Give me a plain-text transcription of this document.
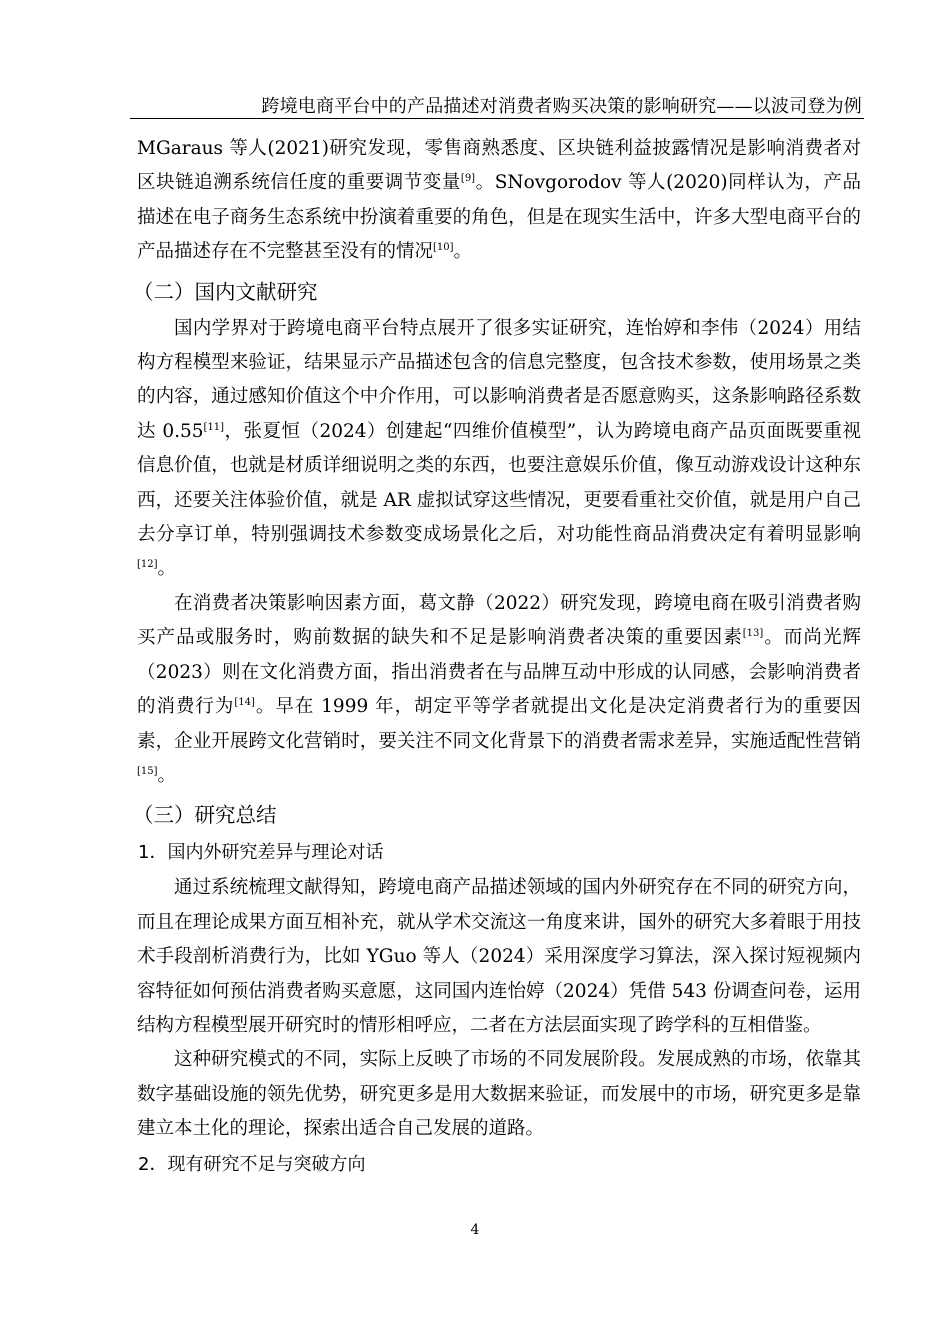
跨境电商平台中的产品描述对消费者购买决策的影响研究——以波司登为例

MGaraus 等人(2021)研究发现，零售商熟悉度、区块链利益披露情况是影响消费者对区块链追溯系统信任度的重要调节变量[9]。SNovgorodov 等人(2020)同样认为，产品描述在电子商务生态系统中扮演着重要的角色，但是在现实生活中，许多大型电商平台的产品描述存在不完整甚至没有的情况[10]。

（二）国内文献研究

国内学界对于跨境电商平台特点展开了很多实证研究，连怡婷和李伟（2024）用结构方程模型来验证，结果显示产品描述包含的信息完整度，包含技术参数，使用场景之类的内容，通过感知价值这个中介作用，可以影响消费者是否愿意购买，这条影响路径系数达 0.55[11]，张夏恒（2024）创建起“四维价值模型”，认为跨境电商产品页面既要重视信息价值，也就是材质详细说明之类的东西，也要注意娱乐价值，像互动游戏设计这种东西，还要关注体验价值，就是 AR 虚拟试穿这些情况，更要看重社交价值，就是用户自己去分享订单，特别强调技术参数变成场景化之后，对功能性商品消费决定有着明显影响[12]。

在消费者决策影响因素方面，葛文静（2022）研究发现，跨境电商在吸引消费者购买产品或服务时，购前数据的缺失和不足是影响消费者决策的重要因素[13]。而尚光辉（2023）则在文化消费方面，指出消费者在与品牌互动中形成的认同感，会影响消费者的消费行为[14]。早在 1999 年，胡定平等学者就提出文化是决定消费者行为的重要因素，企业开展跨文化营销时，要关注不同文化背景下的消费者需求差异，实施适配性营销[15]。

（三）研究总结
1．国内外研究差异与理论对话

通过系统梳理文献得知，跨境电商产品描述领域的国内外研究存在不同的研究方向，而且在理论成果方面互相补充，就从学术交流这一角度来讲，国外的研究大多着眼于用技术手段剖析消费行为，比如 YGuo 等人（2024）采用深度学习算法，深入探讨短视频内容特征如何预估消费者购买意愿，这同国内连怡婷（2024）凭借 543 份调查问卷，运用结构方程模型展开研究时的情形相呼应，二者在方法层面实现了跨学科的互相借鉴。

这种研究模式的不同，实际上反映了市场的不同发展阶段。发展成熟的市场，依靠其数字基础设施的领先优势，研究更多是用大数据来验证，而发展中的市场，研究更多是靠建立本土化的理论，探索出适合自己发展的道路。

2．现有研究不足与突破方向
4
